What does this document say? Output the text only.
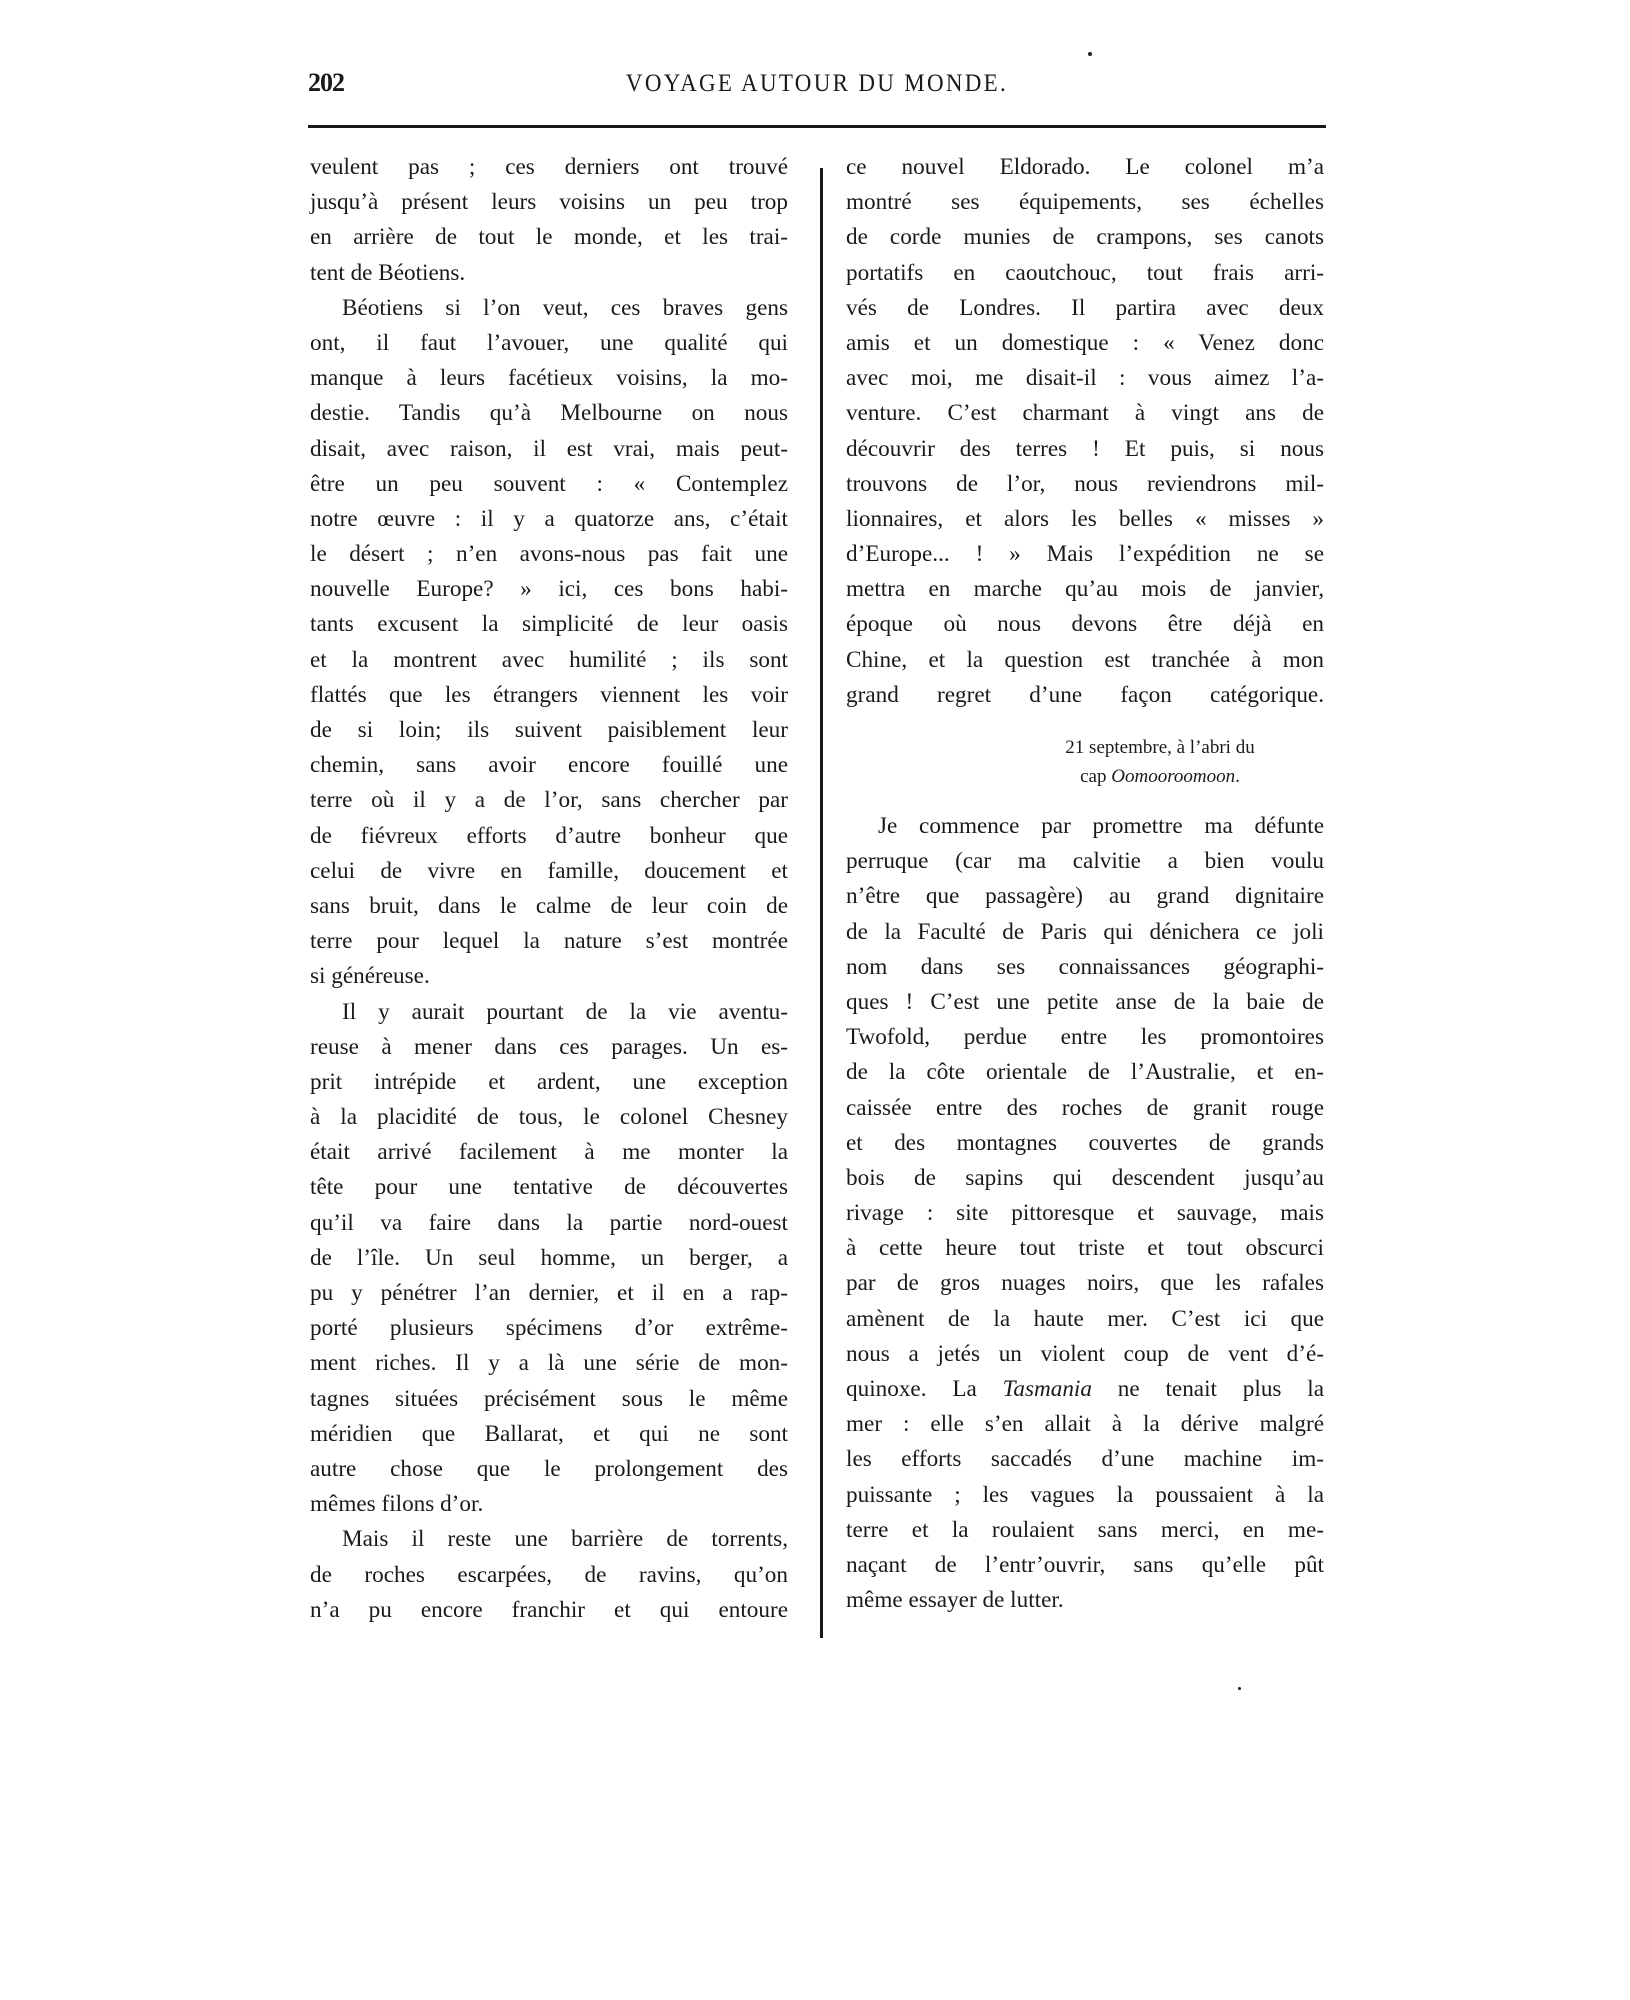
202	VOYAGE AUTOUR DU MONDE.
veulent pas ; ces derniers ont trouvé
jusqu’à présent leurs voisins un peu trop
en arrière de tout le monde, et les trai-
tent de Béotiens.
Béotiens si l’on veut, ces braves gens
ont, il faut l’avouer, une qualité qui
manque à leurs facétieux voisins, la mo-
destie. Tandis qu’à Melbourne on nous
disait, avec raison, il est vrai, mais peut-
être un peu souvent : « Contemplez
notre œuvre : il y a quatorze ans, c’était
le désert ; n’en avons-nous pas fait une
nouvelle Europe? » ici, ces bons habi-
tants excusent la simplicité de leur oasis
et la montrent avec humilité ; ils sont
flattés que les étrangers viennent les voir
de si loin; ils suivent paisiblement leur
chemin, sans avoir encore fouillé une
terre où il y a de l’or, sans chercher par
de fiévreux efforts d’autre bonheur que
celui de vivre en famille, doucement et
sans bruit, dans le calme de leur coin de
terre pour lequel la nature s’est montrée
si généreuse.
Il y aurait pourtant de la vie aventu-
reuse à mener dans ces parages. Un es-
prit intrépide et ardent, une exception
à la placidité de tous, le colonel Chesney
était arrivé facilement à me monter la
tête pour une tentative de découvertes
qu’il va faire dans la partie nord-ouest
de l’île. Un seul homme, un berger, a
pu y pénétrer l’an dernier, et il en a rap-
porté plusieurs spécimens d’or extrême-
ment riches. Il y a là une série de mon-
tagnes situées précisément sous le même
méridien que Ballarat, et qui ne sont
autre chose que le prolongement des
mêmes filons d’or.
Mais il reste une barrière de torrents,
de roches escarpées, de ravins, qu’on
n’a pu encore franchir et qui entoure
ce nouvel Eldorado. Le colonel m’a
montré ses équipements, ses échelles
de corde munies de crampons, ses canots
portatifs en caoutchouc, tout frais arri-
vés de Londres. Il partira avec deux
amis et un domestique : « Venez donc
avec moi, me disait-il : vous aimez l’a-
venture. C’est charmant à vingt ans de
découvrir des terres ! Et puis, si nous
trouvons de l’or, nous reviendrons mil-
lionnaires, et alors les belles « misses »
d’Europe... ! » Mais l’expédition ne se
mettra en marche qu’au mois de janvier,
époque où nous devons être déjà en
Chine, et la question est tranchée à mon
grand regret d’une façon catégorique.
21 septembre, à l’abri du
cap Oomooroomoon.
Je commence par promettre ma défunte
perruque (car ma calvitie a bien voulu
n’être que passagère) au grand dignitaire
de la Faculté de Paris qui dénichera ce joli
nom dans ses connaissances géographi-
ques ! C’est une petite anse de la baie de
Twofold, perdue entre les promontoires
de la côte orientale de l’Australie, et en-
caissée entre des roches de granit rouge
et des montagnes couvertes de grands
bois de sapins qui descendent jusqu’au
rivage : site pittoresque et sauvage, mais
à cette heure tout triste et tout obscurci
par de gros nuages noirs, que les rafales
amènent de la haute mer. C’est ici que
nous a jetés un violent coup de vent d’é-
quinoxe. La Tasmania ne tenait plus la
mer : elle s’en allait à la dérive malgré
les efforts saccadés d’une machine im-
puissante ; les vagues la poussaient à la
terre et la roulaient sans merci, en me-
naçant de l’entr’ouvrir, sans qu’elle pût
même essayer de lutter.
